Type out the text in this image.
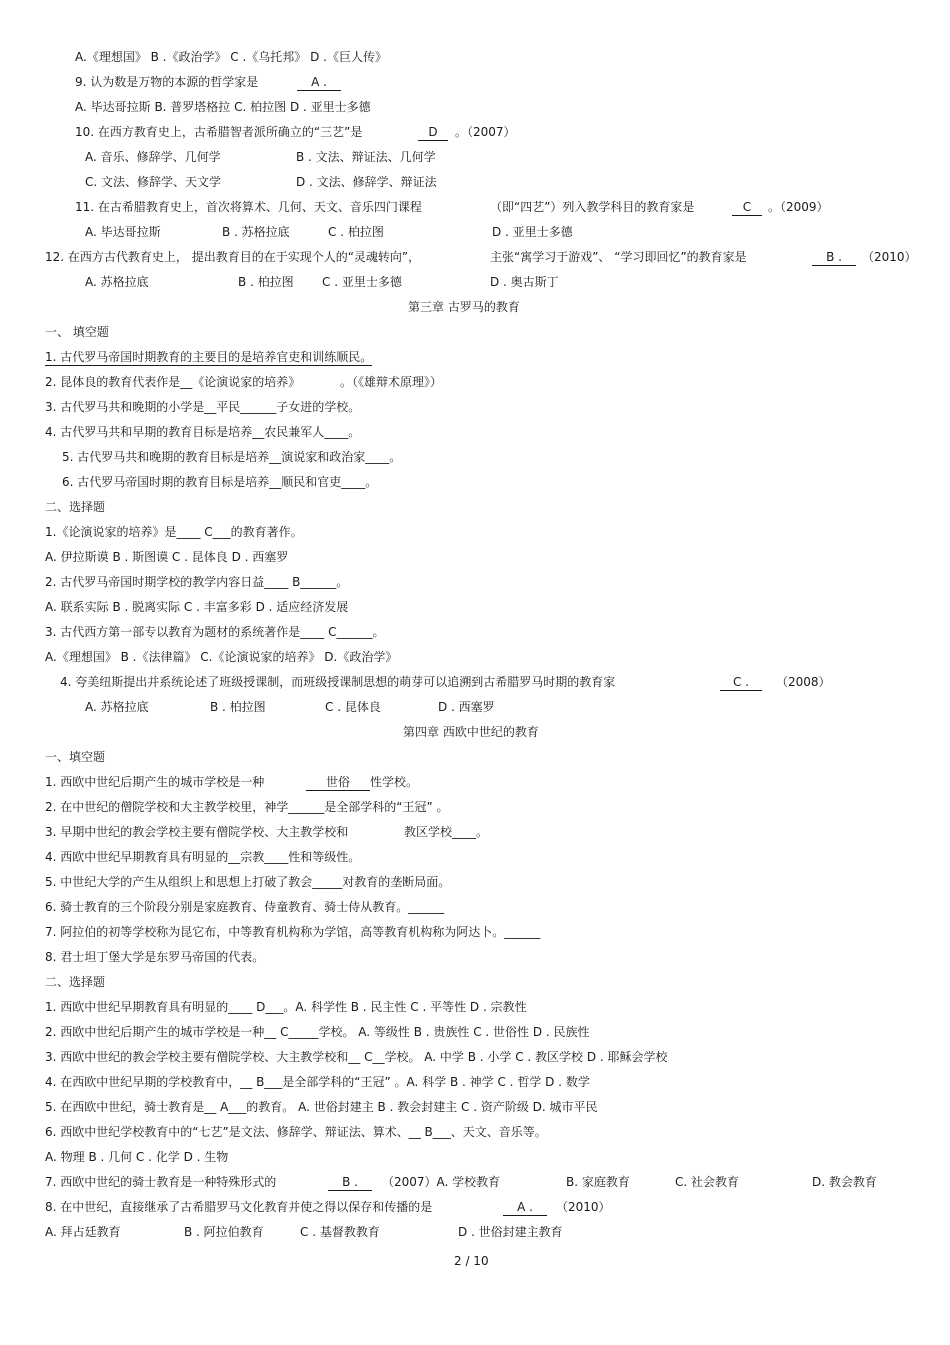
A.《理想国》 B .《政治学》 C .《乌托邦》 D .《巨人传》
9. 认为数是万物的本源的哲学家是	A .
A. 毕达哥拉斯 B. 普罗塔格拉 C. 柏拉图 D . 亚里士多德
10. 在西方教育史上，古希腊智者派所确立的“三艺”是	D	。（2007）
A. 音乐、修辞学、几何学	B . 文法、辩证法、几何学
C. 文法、修辞学、天文学	D . 文法、修辞学、辩证法
11. 在古希腊教育史上，首次将算术、几何、天文、音乐四门课程	（即“四艺”）列入教学科目的教育家是	C	。（2009）
A. 毕达哥拉斯	B . 苏格拉底	C . 柏拉图	D . 亚里士多德
12. 在西方古代教育史上， 提出教育目的在于实现个人的“灵魂转向”，	主张“寓学习于游戏”、 “学习即回忆”的教育家是	B .	（2010）
A. 苏格拉底	B . 柏拉图 C . 亚里士多德	D . 奥古斯丁
第三章 古罗马的教育
一、 填空题
1. 古代罗马帝国时期教育的主要目的是培养官吏和训练顺民。
2. 昆体良的教育代表作是__《论演说家的培养》	。（《雄辩术原理》）
3. 古代罗马共和晚期的小学是__平民______子女进的学校。
4. 古代罗马共和早期的教育目标是培养__农民兼军人____。
5. 古代罗马共和晚期的教育目标是培养__演说家和政治家____。
6. 古代罗马帝国时期的教育目标是培养__顺民和官吏____。
二、选择题
1.《论演说家的培养》是____ C___的教育著作。
A. 伊拉斯谟 B . 斯图谟 C . 昆体良 D . 西塞罗
2. 古代罗马帝国时期学校的教学内容日益____ B______。
A. 联系实际 B . 脱离实际 C . 丰富多彩 D . 适应经济发展
3. 古代西方第一部专以教育为题材的系统著作是____ C______。
A.《理想国》 B .《法律篇》 C.《论演说家的培养》 D.《政治学》
4. 夸美纽斯提出并系统论述了班级授课制，而班级授课制思想的萌芽可以追溯到古希腊罗马时期的教育家	C .	（2008）
A. 苏格拉底	B . 柏拉图	C . 昆体良	D . 西塞罗
第四章 西欧中世纪的教育
一、填空题
1. 西欧中世纪后期产生的城市学校是一种	世俗	性学校。
2. 在中世纪的僧院学校和大主教学校里，神学______是全部学科的“王冠” 。
3. 早期中世纪的教会学校主要有僧院学校、大主教学校和	教区学校____。
4. 西欧中世纪早期教育具有明显的__宗教____性和等级性。
5. 中世纪大学的产生从组织上和思想上打破了教会_____对教育的垄断局面。
6. 骑士教育的三个阶段分别是家庭教育、侍童教育、骑士侍从教育。______
7. 阿拉伯的初等学校称为昆它布，中等教育机构称为学馆，高等教育机构称为阿达卜。______
8. 君士坦丁堡大学是东罗马帝国的代表。
二、选择题
1. 西欧中世纪早期教育具有明显的____ D___。A. 科学性 B . 民主性 C . 平等性 D . 宗教性
2. 西欧中世纪后期产生的城市学校是一种__ C_____学校。 A. 等级性 B . 贵族性 C . 世俗性 D . 民族性
3. 西欧中世纪的教会学校主要有僧院学校、大主教学校和__ C__学校。 A. 中学 B . 小学 C . 教区学校 D . 耶稣会学校
4. 在西欧中世纪早期的学校教育中，__ B___是全部学科的“王冠” 。A. 科学 B . 神学 C . 哲学 D . 数学
5. 在西欧中世纪，骑士教育是__ A___的教育。 A. 世俗封建主 B . 教会封建主 C . 资产阶级 D. 城市平民
6. 西欧中世纪学校教育中的“七艺”是文法、修辞学、辩证法、算术、__ B___、天文、音乐等。
A. 物理 B . 几何 C . 化学 D . 生物
7. 西欧中世纪的骑士教育是一种特殊形式的	B .	（2007）A. 学校教育	B. 家庭教育	C. 社会教育	D. 教会教育
8. 在中世纪，直接继承了古希腊罗马文化教育并使之得以保存和传播的是	A .	（2010）
A. 拜占廷教育	B . 阿拉伯教育	C . 基督教教育	D . 世俗封建主教育
2 / 10
